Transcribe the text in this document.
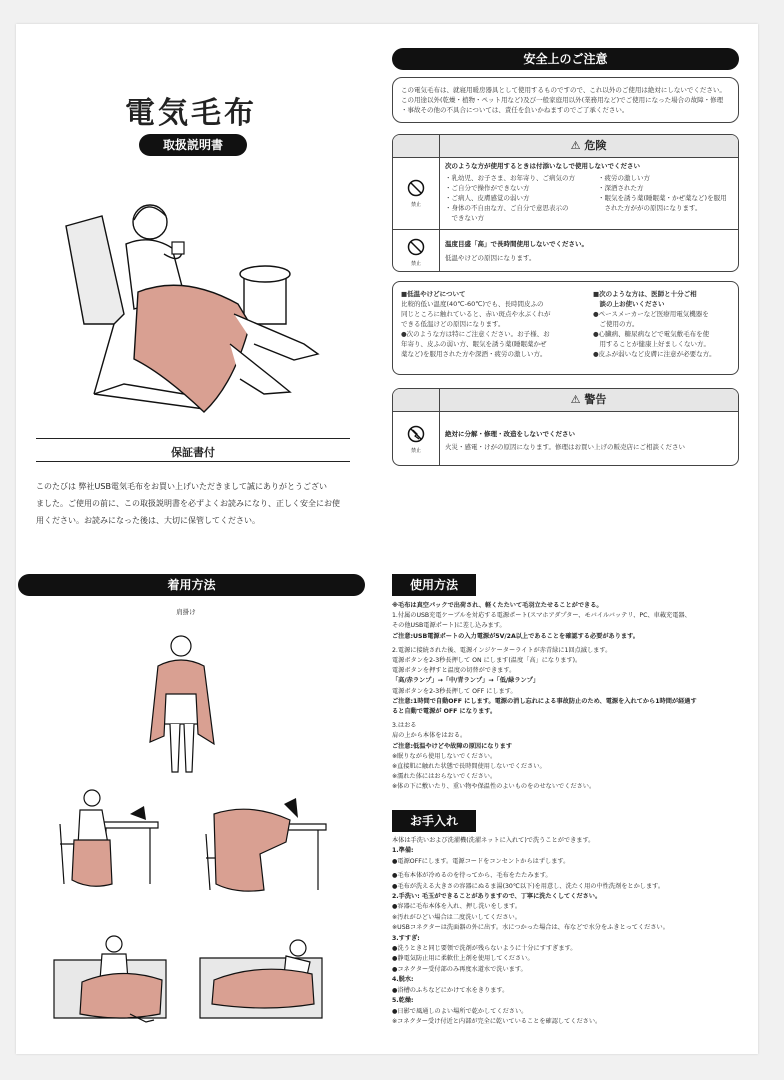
電気毛布
取扱説明書
保証書付
このたびは 弊社USB電気毛布をお買い上げいただきまして誠にありがとうござい
ました。ご使用の前に、この取扱説明書を必ずよくお読みになり、正しく安全にお使
用ください。お読みになった後は、大切に保管してください。
安全上のご注意
この電気毛布は、就寝用暖房器具として使用するものですので、これ以外のご使用は絶対にしないでください。
この用途以外(乾燥・植物・ペット用など)及び一般家庭用以外(業務用など)でご使用になった場合の故障・修理
・事故その他の不具合については、責任を負いかねますのでご了承ください。
⚠ 危険
禁止
次のような方が使用するときは付添いなしで使用しないでください
・乳幼児、お子さま、お年寄り、ご病気の方
・ご自分で操作ができない方
・ご病人、皮膚感覚の弱い方
・身体の不自由な方、ご自分で意思表示の
　できない方
・疲労の激しい方
・深酒された方
・眠気を誘う薬(睡眠薬・かぜ薬など)を服用
　された方ががの原因になります。
禁止
温度目盛「高」で長時間使用しないでください。
低温やけどの原因になります。
■低温やけどについて
比較的低い温度(40℃-60℃)でも、長時間皮ふの
同じところに触れていると、赤い斑点や水ぶくれが
できる低温けどの原因になります。
●次のような方は特にご注意ください。お子様、お
年寄り、皮ふの弱い方、眠気を誘う薬(睡眠薬かぜ
薬など)を服用された方や深酒・疲労の激しい方。
■次のような方は、医師と十分ご相
　談の上お使いください
●ペースメーカーなど医療用電気機器を
　ご使用の方。
●心臓病、糖尿病などで電気敷毛布を使
　用することが健康上好ましくない方。
●皮ふが弱いなど皮膚に注意が必要な方。
⚠ 警告
禁止
絶対に分解・修理・改造をしないでください
火災・感電・けがの原因になります。修理はお買い上げの販売店にご相談ください
着用方法
肩掛け
使用方法
※毛布は真空パックで出荷され、軽くたたいて毛羽立たせることができる。
1.付属のUSB充電ケーブルを対応する電源ポート(スマホアダプター、モバイルバッテリ、PC、車載充電器、
その他USB電源ポート)に差し込みます。
ご注意:USB電源ポートの入力電源が5V/2A以上であることを確認する必要があります。
2.電源に接続された後、電源インジケーターライトが赤青緑に1回点滅します。
電源ボタンを2-3秒長押して ON にします(温度「高」になります)。
電源ボタンを押すと温度の切替ができます。
「高/赤ランプ」→「中/青ランプ」→「低/緑ランプ」
電源ボタンを2-3秒長押して OFF にします。
ご注意:1時間で自動OFF にします。電源の消し忘れによる事故防止のため、電源を入れてから1時間が経過す
ると自動で電源が OFF になります。
3.はおる
肩の上から本体をはおる。
ご注意:低温やけどや故障の原因になります
※眠りながら使用しないでください。
※直接肌に触れた状態で長時間使用しないでください。
※濡れた体にはおらないでください。
※体の下に敷いたり、重い物や保温性のよいものをのせないでください。
お手入れ
本体は手洗いおよび洗濯機(洗濯ネットに入れて)で洗うことができます。
1.準備:
●電源OFFにします。電源コードをコンセントからはずします。
●毛布本体が冷めるのを待ってから、毛布をたたみます。
●毛布が洗える大きさの容器にぬるま湯(30℃以下)を用意し、洗たく用の中性洗剤をとかします。
2.手洗い: 毛玉ができることがありますので、丁寧に洗たくしてください。
●容器に毛布本体を入れ、押し洗いをします。
※汚れがひどい場合は二度洗いしてください。
※USBコネクターは洗面器の外に出す。水につかった場合は、布などで水分をふきとってください。
3.すすぎ:
●洗うときと同じ要領で洗剤が残らないように十分にすすぎます。
●静電気防止用に柔軟仕上剤を使用してください。
●コネクター受付部のみ再度水道水で洗います。
4.脱水:
●浴槽のふちなどにかけて水をきります。
5.乾燥:
●日影で風通しのよい場所で乾かしてください。
※コネクター受け付近と内部が完全に乾いていることを確認してください。
